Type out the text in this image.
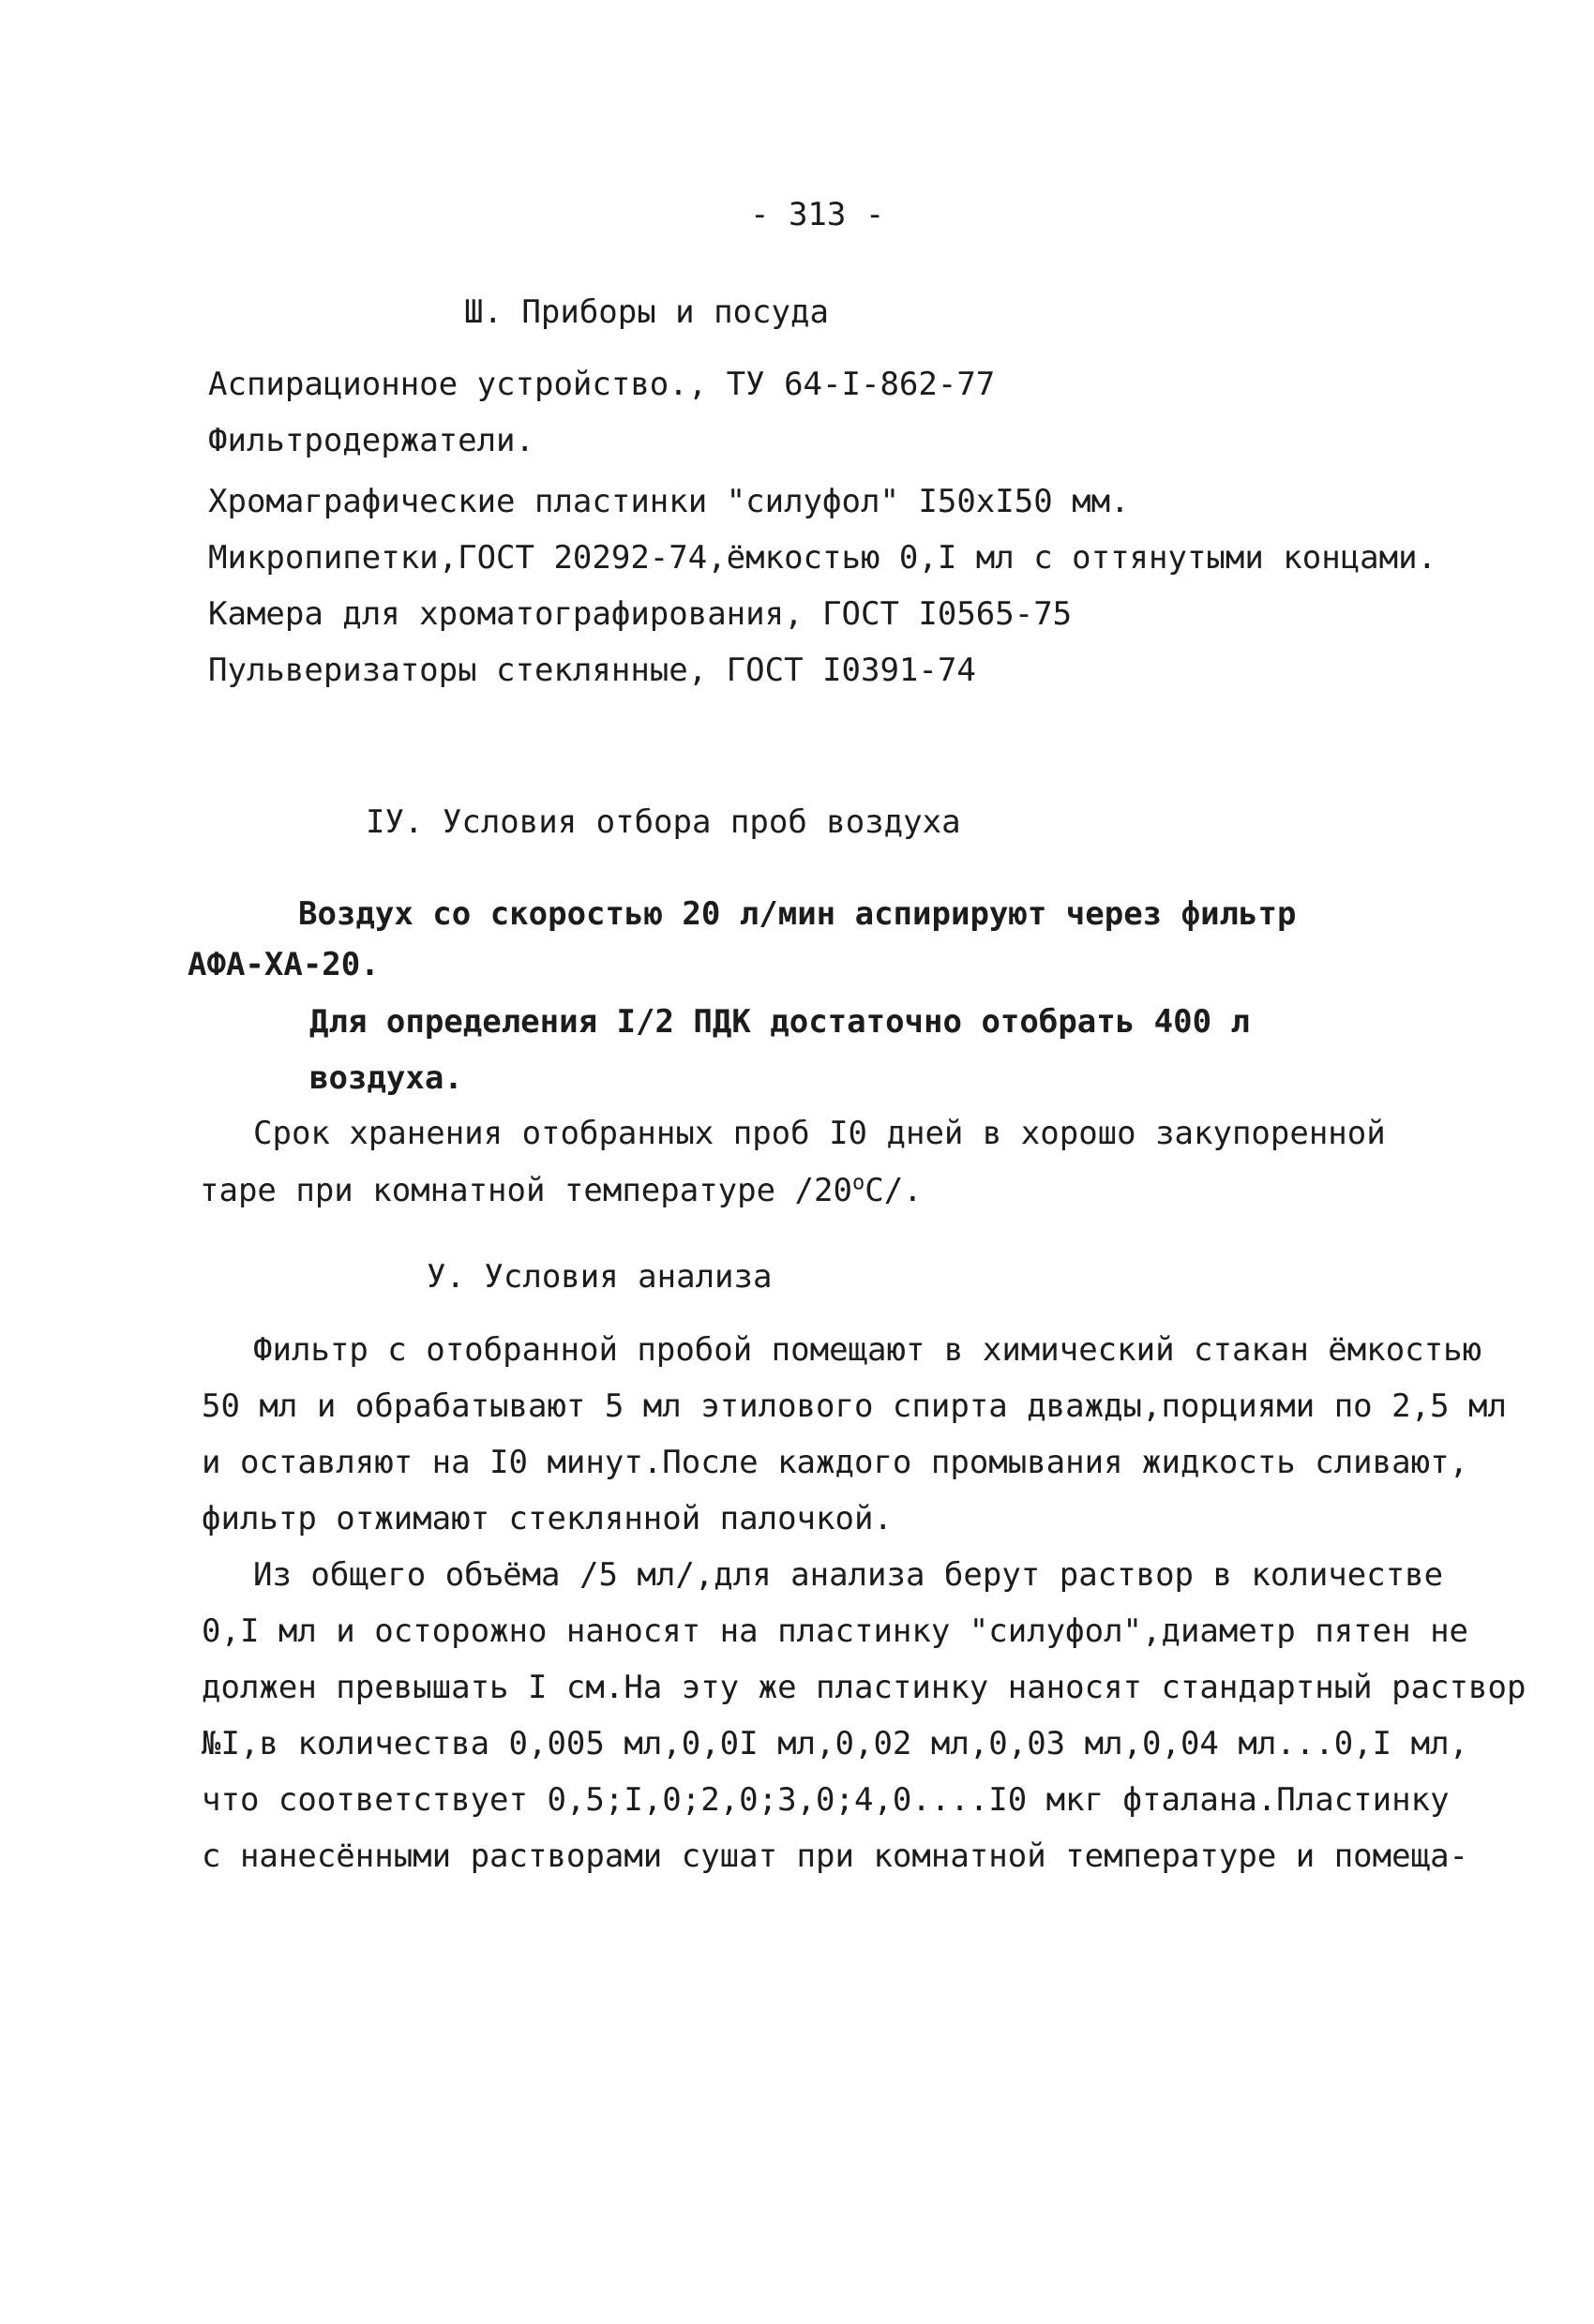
- 313 -
Ш. Приборы и посуда
Аспирационное устройство., ТУ 64-I-862-77
Фильтродержатели.
Хромаграфические пластинки "силуфол" I50xI50 мм.
Микропипетки,ГОСТ 20292-74,ёмкостью 0,I мл с оттянутыми концами.
Камера для хроматографирования, ГОСТ I0565-75
Пульверизаторы стеклянные, ГОСТ I0391-74
IУ. Условия отбора проб воздуха
Воздух со скоростью 20 л/мин аспирируют через фильтр
АФА-ХА-20.
Для определения I/2 ПДК достаточно отобрать 400 л
воздуха.
Срок хранения отобранных проб I0 дней в хорошо закупоренной
таре при комнатной температуре /20$^o$С/.
У. Условия анализа
Фильтр с отобранной пробой помещают в химический стакан ёмкостью
50 мл и обрабатывают 5 мл этилового спирта дважды,порциями по 2,5 мл
и оставляют на I0 минут.После каждого промывания жидкость сливают,
фильтр отжимают стеклянной палочкой.
Из общего объёма /5 мл/,для анализа берут раствор в количестве
0,I мл и осторожно наносят на пластинку "силуфол",диаметр пятен не
должен превышать I см.На эту же пластинку наносят стандартный раствор
№I,в количества 0,005 мл,0,0I мл,0,02 мл,0,03 мл,0,04 мл...0,I мл,
что соответствует 0,5;I,0;2,0;3,0;4,0....I0 мкг фталана.Пластинку
с нанесёнными растворами сушат при комнатной температуре и помеща-
